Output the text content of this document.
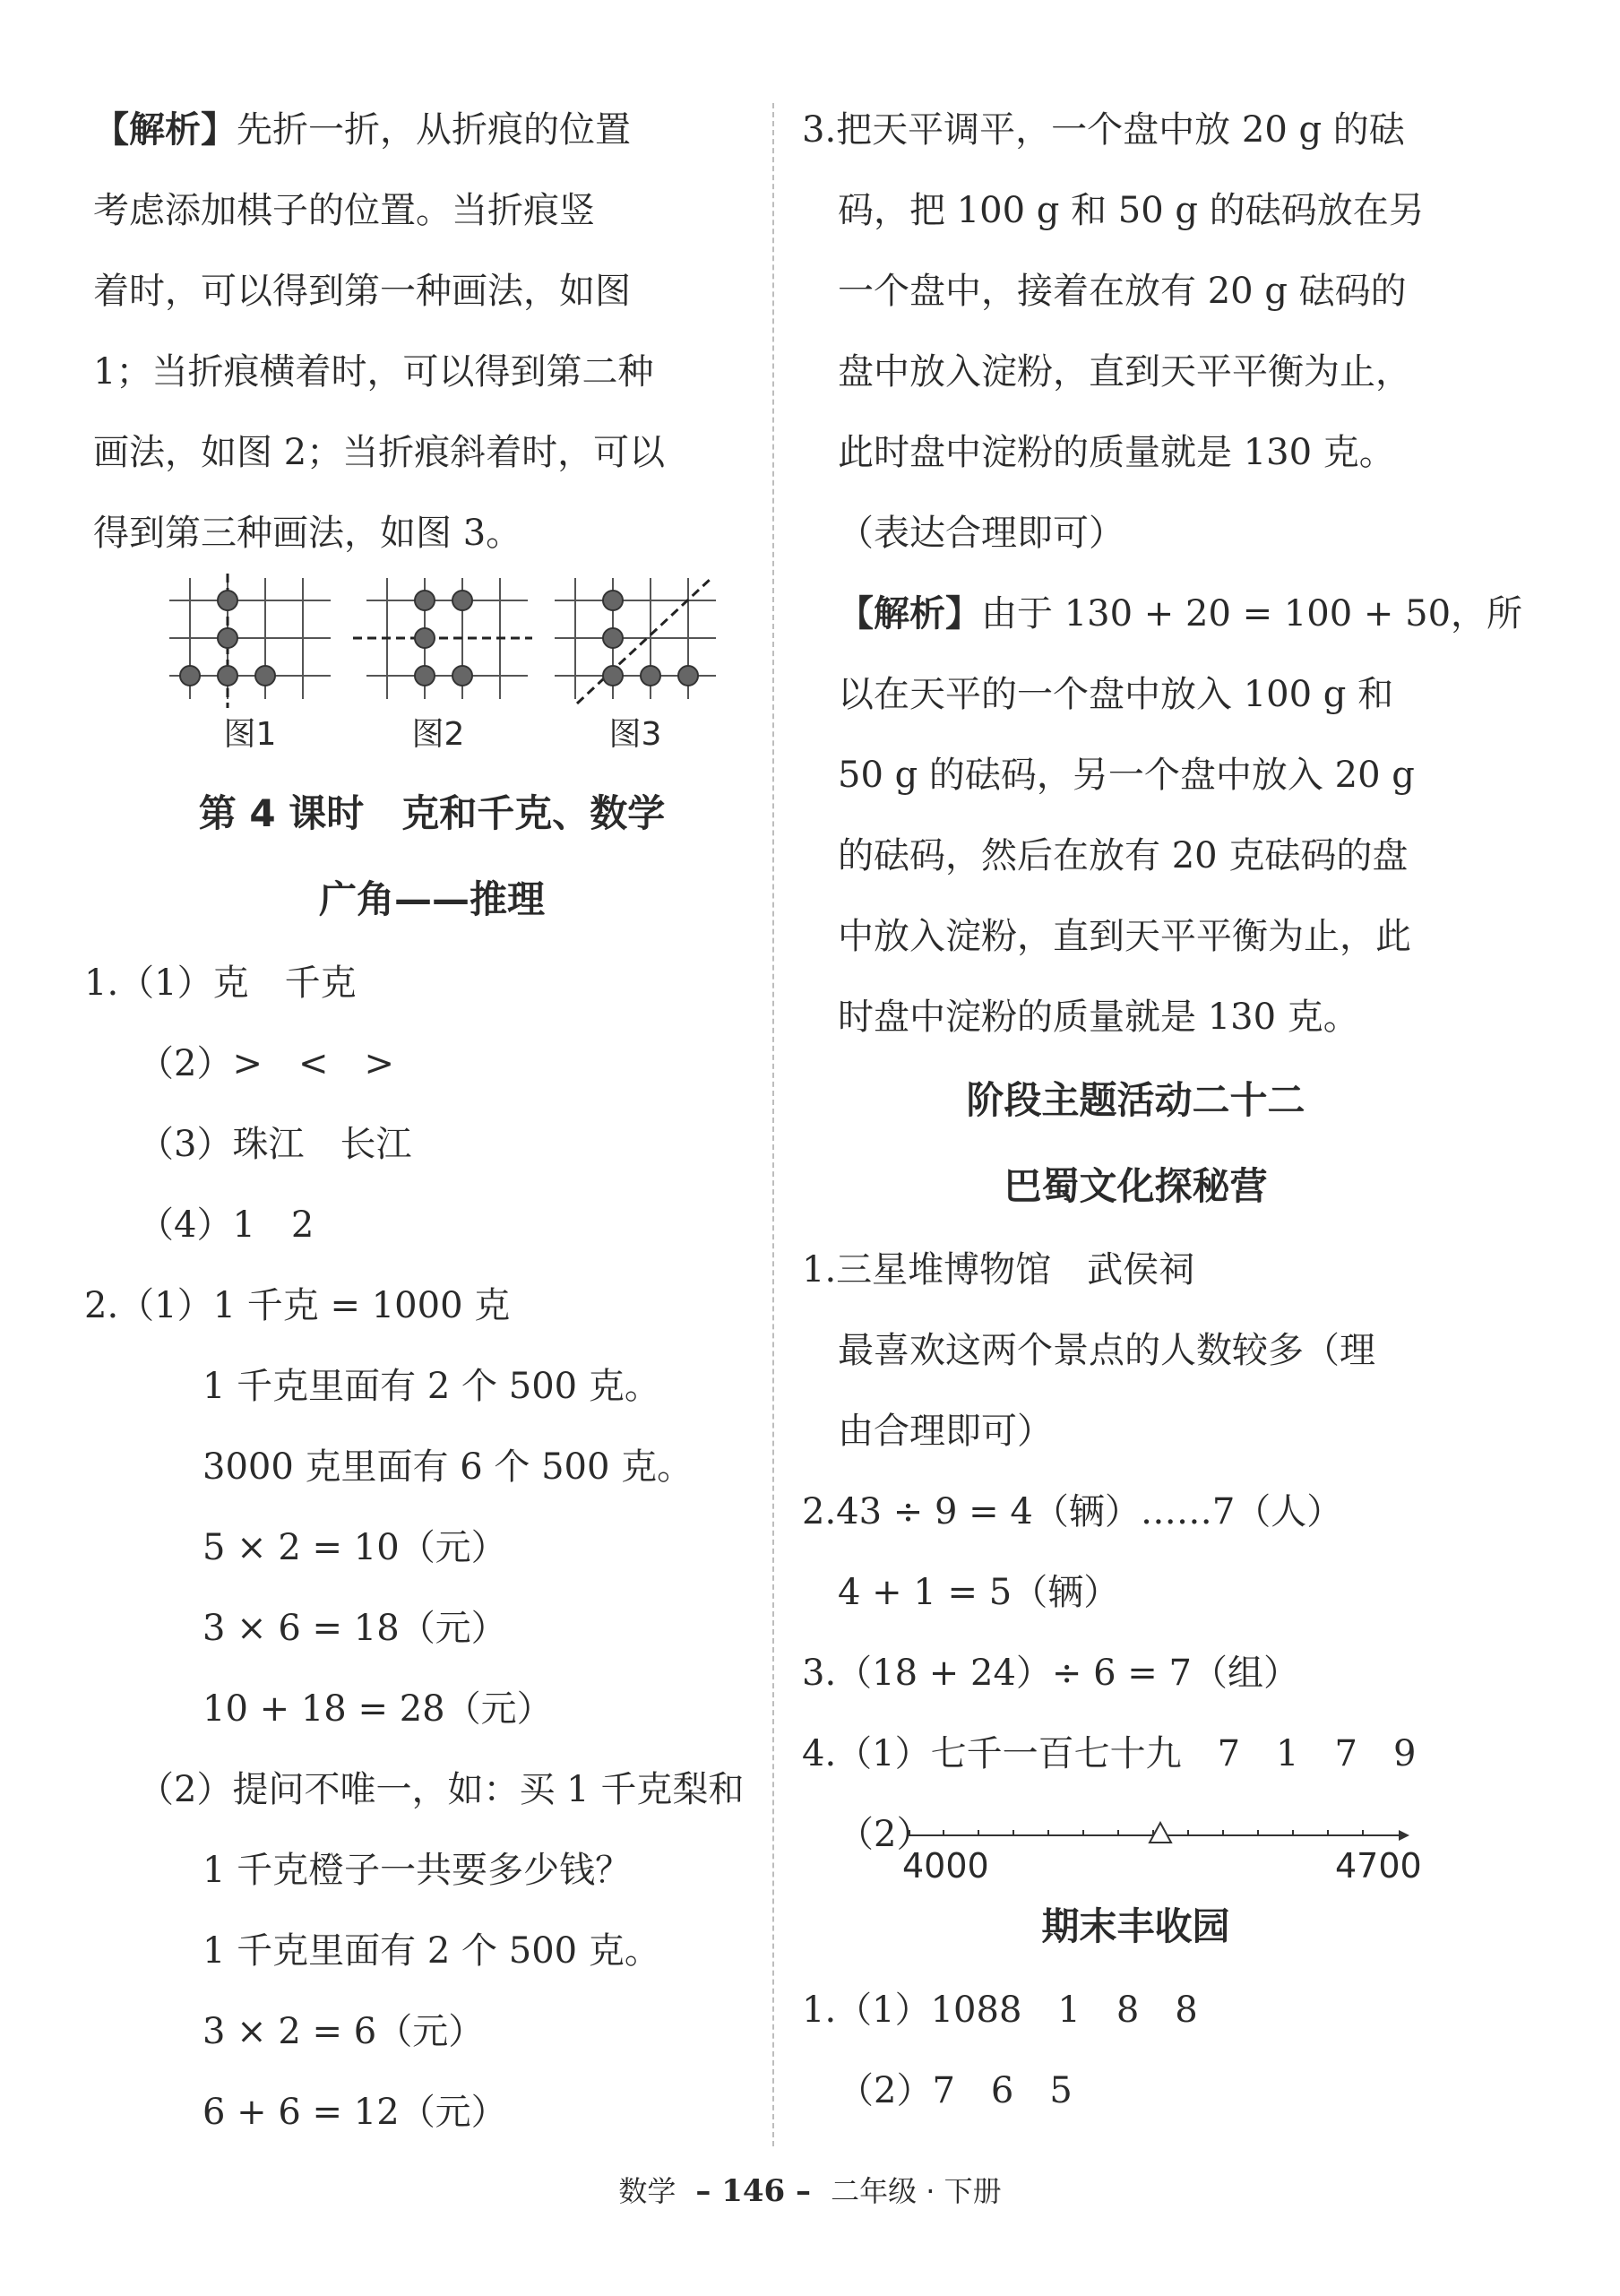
【解析】先折一折，从折痕的位置
考虑添加棋子的位置。当折痕竖
着时，可以得到第一种画法，如图
1；当折痕横着时，可以得到第二种
画法，如图 2；当折痕斜着时，可以
得到第三种画法，如图 3。
图1	图2	图3
第 4 课时　克和千克、数学
广角——推理
1.（1）克　千克
（2）>　<　>
（3）珠江　长江
（4）1　2
2.（1）1 千克 = 1000 克
1 千克里面有 2 个 500 克。
3000 克里面有 6 个 500 克。
5 × 2 = 10（元）
3 × 6 = 18（元）
10 + 18 = 28（元）
（2）提问不唯一，如：买 1 千克梨和
1 千克橙子一共要多少钱？
1 千克里面有 2 个 500 克。
3 × 2 = 6（元）
6 + 6 = 12（元）
3.把天平调平，一个盘中放 20 g 的砝
码，把 100 g 和 50 g 的砝码放在另
一个盘中，接着在放有 20 g 砝码的
盘中放入淀粉，直到天平平衡为止，
此时盘中淀粉的质量就是 130 克。
（表达合理即可）
【解析】由于 130 + 20 = 100 + 50，所
以在天平的一个盘中放入 100 g 和
50 g 的砝码，另一个盘中放入 20 g
的砝码，然后在放有 20 克砝码的盘
中放入淀粉，直到天平平衡为止，此
时盘中淀粉的质量就是 130 克。
阶段主题活动二十二
巴蜀文化探秘营
1.三星堆博物馆　武侯祠
最喜欢这两个景点的人数较多（理
由合理即可）
2.43 ÷ 9 = 4（辆）……7（人）
4 + 1 = 5（辆）
3.（18 + 24）÷ 6 = 7（组）
4.（1）七千一百七十九　7　1　7　9
（2）
4000	4700
期末丰收园
1.（1）1088　1　8　8
（2）7　6　5
数学 – 146 – 二年级 · 下册
